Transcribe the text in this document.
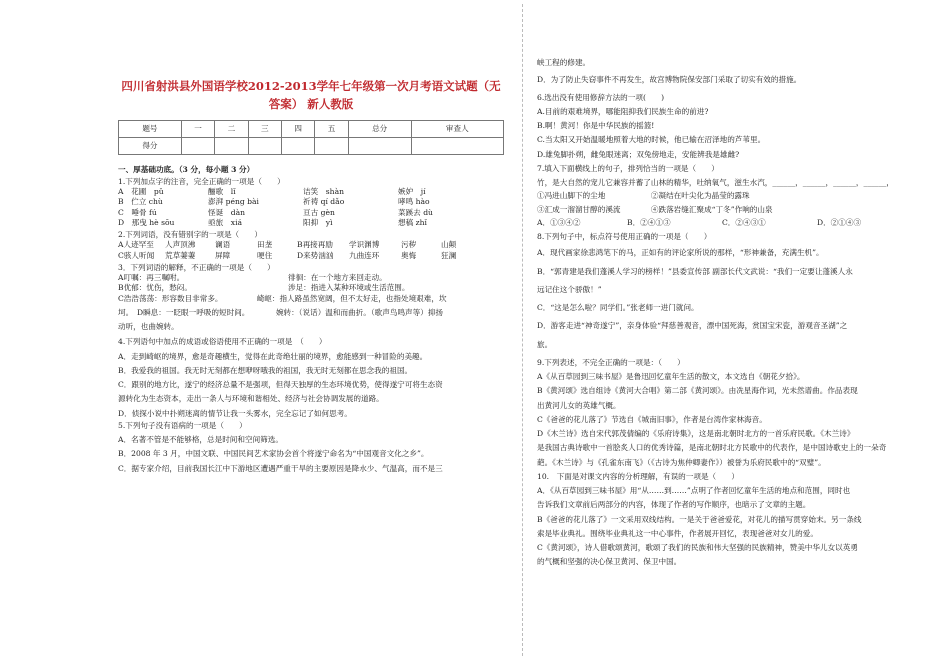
四川省射洪县外国语学校2012-2013学年七年级第一次月考语文试题（无
答案） 新人教版
题号	一	二	三	四	五	总分	审查人
得分							
一、厚基础功底。（3 分，每小题 3 分）
1.下列加点字的注音，完全正确的一项是（　　）
A　花圃　pǔ	酾歌　lǐ	诘笑　shàn	嫉妒　jí
B　伫立 chù	澎湃 péng bài	祈祷 qí dǎo	哮鸣 hào
C　唾骨 fú	怪诞　dàn	亘古 gèn	菜蹊去 dù
D　那曳 hè sōu	亟旅　xiá	阳抑　yì	想稿 zhǐ
2.下列词语，没有错别字的一项是（　　）
A人迹罕至	人声顶沸	谰语	田垄	B再接再励	学识渊博	污秽	山颠
C骇人听闻	荒草萋萋	屏障	哽住	D来势汹汹	九曲连环	奥悔	狂澜
3．下列词语的解释，不正确的一项是（　　）
A叮嘱：再三嘱咐。	徘徊：在一个地方来回走动。
B优郁：忧伤，愁闷。	涉足：指进入某种环境或生活范围。
C浩浩荡荡：形容数目非常多。　　　　　崎岖：指人路虽然宽阔，但不太好走，也指处境艰难，坎
坷。　D瞬息：一眨眼一呼吸的短时间。　　　　婉转：（说话）温和而曲折。（歌声鸟鸣声等）抑扬
动听，也曲婉转。
4.下列语句中加点的成语或俗语使用不正确的一项是　（　　）
A．走到崎岖的境界，愈是奇趣横生，觉得在此奇绝壮丽的境界，愈能感到一种冒险的美趣。
B．我爱我的祖国。我无时无刻都在想咿呀哦我的祖国，我无时无刻都在思念我的祖国。
C．跟别的地方比，遂宁的经济总量不是强项，但得天独厚的生态环境优势，使得遂宁可将生态资
源转化为生态资本，走出一条人与环境和谐相处、经济与社会协调发展的道路。
D．侦探小说中扑朔迷离的情节让我一头雾水，完全忘记了如何思考。
5.下列句子没有语病的一项是（　　）
A．名著不管是不能够格，总是时间和空间筛选。
B．2008 年 3 月，中国文联、中国民间艺术家协会首个将遂宁命名为“中国观音文化之乡”。
C．据专家介绍，目前我国长江中下游地区遭遇严重干旱的主要原因是降水少、气温高，而不是三
峡工程的修建。
D．为了防止失窃事件不再发生，故宫博物院保安部门采取了切实有效的措施。
6.选出没有使用修辞方法的一项(　　)
A.目前的艰难境界，哪能阻抑我们民族生命的前进?
B.啊！黄河！你是中华民族的摇篮!
C.当太阳又开始温暖地照着大地的时候，他已输在沼泽地的芦苇里。
D.雄兔脚扑朔，雌兔眼迷离；双兔傍地走，安能辨我是雄雌?
7.填入下面横线上的句子，排列恰当的一项是（　　）
竹，是大自然的宠儿它兼容并蓄了山林的精华，吐纳氧气，滋生水汽，______，______，______，______，
①冯进山脚下的尘地　　　　　　②凝结在叶尖化为晶莹的露珠
③汇成一溜溜甘醇的溪流　　　　④跌落岩缝汇聚成“丁冬”作响的山泉
A．①③④②	B．②④①③	C．②④③①	D．②①④③
8.下列句子中，标点符号使用正确的一项是（　　）
A．现代画家徐悲鸿笔下的马，正如有的评论家所说的那样，“形神兼备，充满生机”。
B．“郭青建是我们蓬溪人学习的榜样！”县委宣传部 副部长代文武说：“我们一定要让蓬溪人永
远记住这个骄傲！”
C．“这是怎么啦？同学们。”张老师一进门就问。
D．游客走进“神奇遂宁”，亲身体验“拜慈善观音，漂中国死海，赏国宝宋瓷，游观音圣湖”之
旅。
9.下列表述，不完全正确的一项是：（　　）
A《从百草园到三味书屋》是鲁迅回忆童年生活的散文，本文选自《朝花夕拾》。
B《黄河颂》选自组诗《黄河大合唱》第二部《黄河颂》。由冼星海作词，光未然谱曲。作品表现
出黄河儿女的英雄气概。
C《爸爸的花儿落了》节选自《城南旧事》，作者是台湾作家林海音。
D《木兰诗》选自宋代郭茂倩编的《乐府诗集》，这是南北朝时北方的一首乐府民歌。《木兰诗》
是我国古典诗歌中一首脍炙人口的优秀诗篇，是南北朝时北方民歌中的代表作，是中国诗歌史上的一朵奇
葩。《木兰诗》与《孔雀东南飞》（《古诗为焦仲卿妻作》）被誉为乐府民歌中的“双璧”。
10.　下面是对课文内容的分析理解，有误的一项是（　　）
A．《从百草园到三味书屋》用“从……到……”点明了作者回忆童年生活的地点和范围，同时也
告诉我们文章前后两部分的内容，体现了作者的写作顺序，也暗示了文章的主题。
B《爸爸的花儿落了》一文采用双线结构。一是关于爸爸爱花，对花儿的描写贯穿始末。另一条线
索是毕业典礼。围绕毕业典礼这一中心事件，作者展开回忆，表现爸爸对女儿的爱。
C《黄河颂》，诗人借歌颂黄河，歌颂了我们的民族和伟大坚强的民族精神，赞美中华儿女以英勇
的气概和坚强的决心保卫黄河、保卫中国。
